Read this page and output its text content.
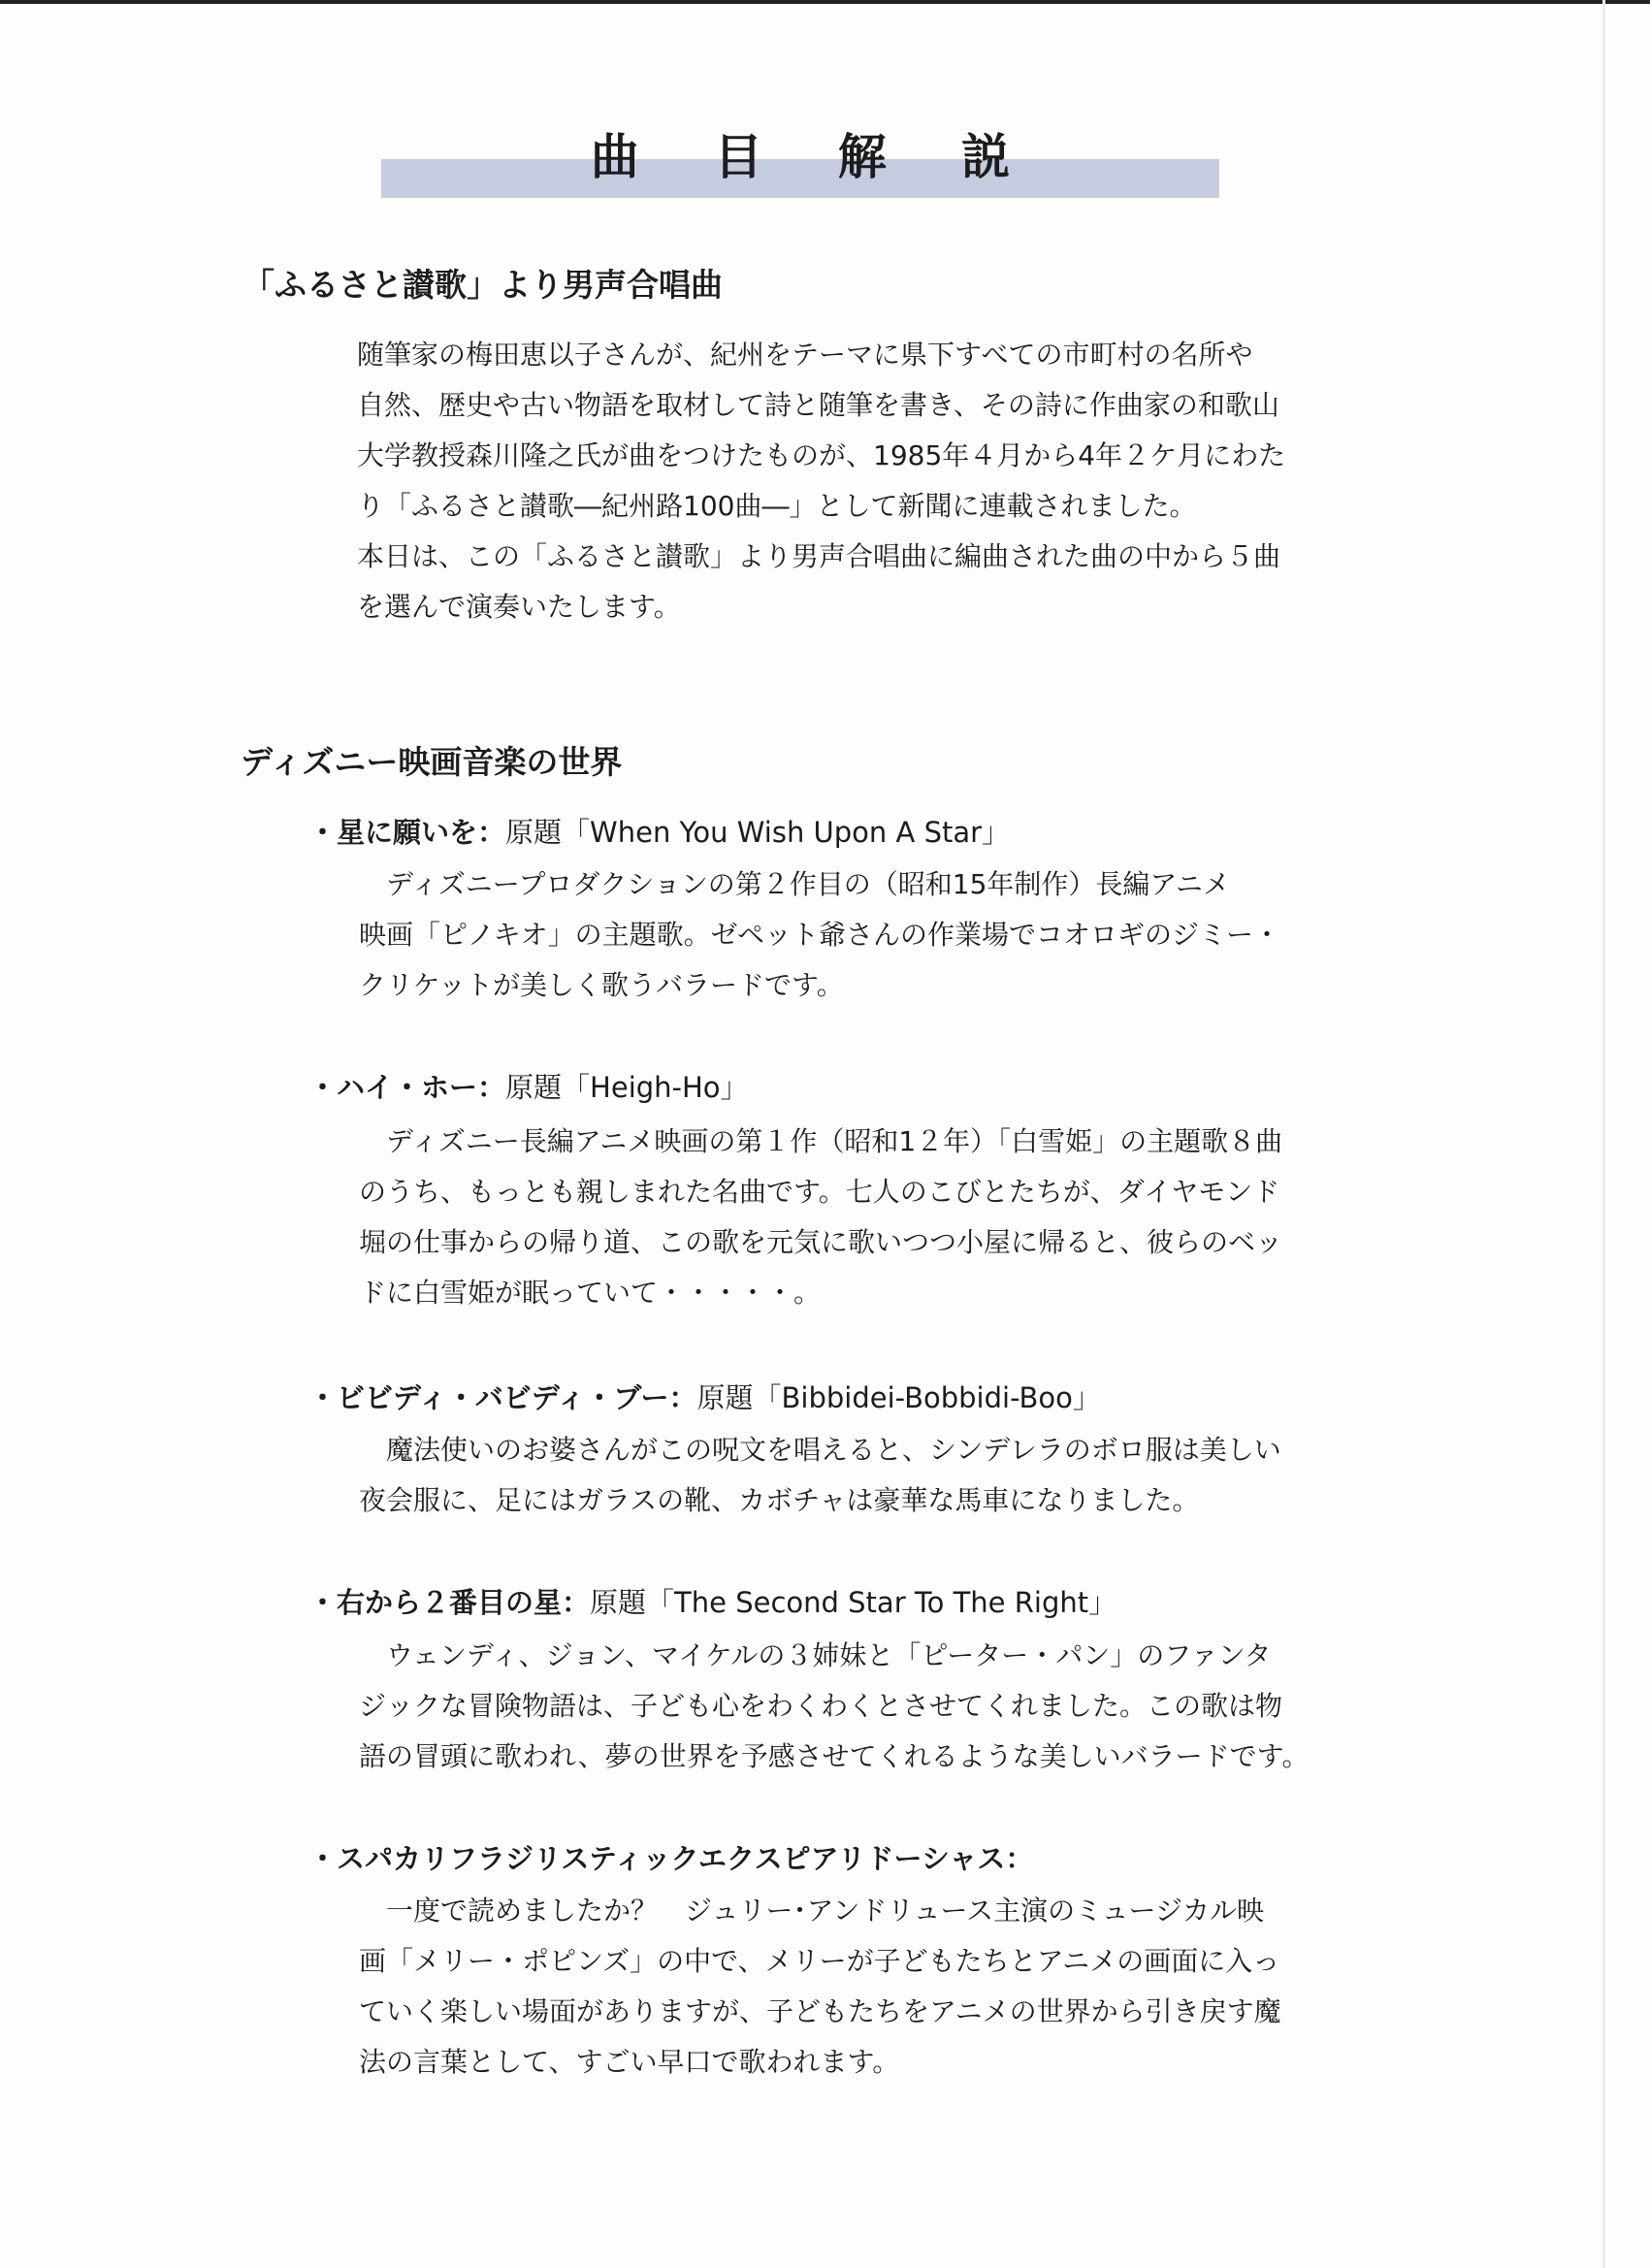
曲 目 解 説
「ふるさと讃歌」より男声合唱曲
随筆家の梅田恵以子さんが、紀州をテーマに県下すべての市町村の名所や
自然、歴史や古い物語を取材して詩と随筆を書き、その詩に作曲家の和歌山
大学教授森川隆之氏が曲をつけたものが、1985年４月から4年２ケ月にわた
り「ふるさと讃歌―紀州路100曲―」として新聞に連載されました。
本日は、この「ふるさと讃歌」より男声合唱曲に編曲された曲の中から５曲
を選んで演奏いたします。
ディズニー映画音楽の世界
・星に願いを：原題「When You Wish Upon A Star」
ディズニープロダクションの第２作目の（昭和15年制作）長編アニメ
映画「ピノキオ」の主題歌。ゼペット爺さんの作業場でコオロギのジミー・
クリケットが美しく歌うバラードです。
・ハイ・ホー：原題「Heigh-Ho」
ディズニー長編アニメ映画の第１作（昭和1２年）「白雪姫」の主題歌８曲
のうち、もっとも親しまれた名曲です。七人のこびとたちが、ダイヤモンド
堀の仕事からの帰り道、この歌を元気に歌いつつ小屋に帰ると、彼らのベッ
ドに白雪姫が眠っていて・・・・・。
・ビビディ・バビディ・ブー：原題「Bibbidei-Bobbidi-Boo」
魔法使いのお婆さんがこの呪文を唱えると、シンデレラのボロ服は美しい
夜会服に、足にはガラスの靴、カボチャは豪華な馬車になりました。
・右から２番目の星：原題「The Second Star To The Right」
ウェンディ、ジョン、マイケルの３姉妹と「ピーター・パン」のファンタ
ジックな冒険物語は、子ども心をわくわくとさせてくれました。この歌は物
語の冒頭に歌われ、夢の世界を予感させてくれるような美しいバラードです。
・スパカリフラジリスティックエクスピアリドーシャス：
一度で読めましたか？　ジュリー･アンドリュース主演のミュージカル映
画「メリー・ポピンズ」の中で、メリーが子どもたちとアニメの画面に入っ
ていく楽しい場面がありますが、子どもたちをアニメの世界から引き戻す魔
法の言葉として、すごい早口で歌われます。
